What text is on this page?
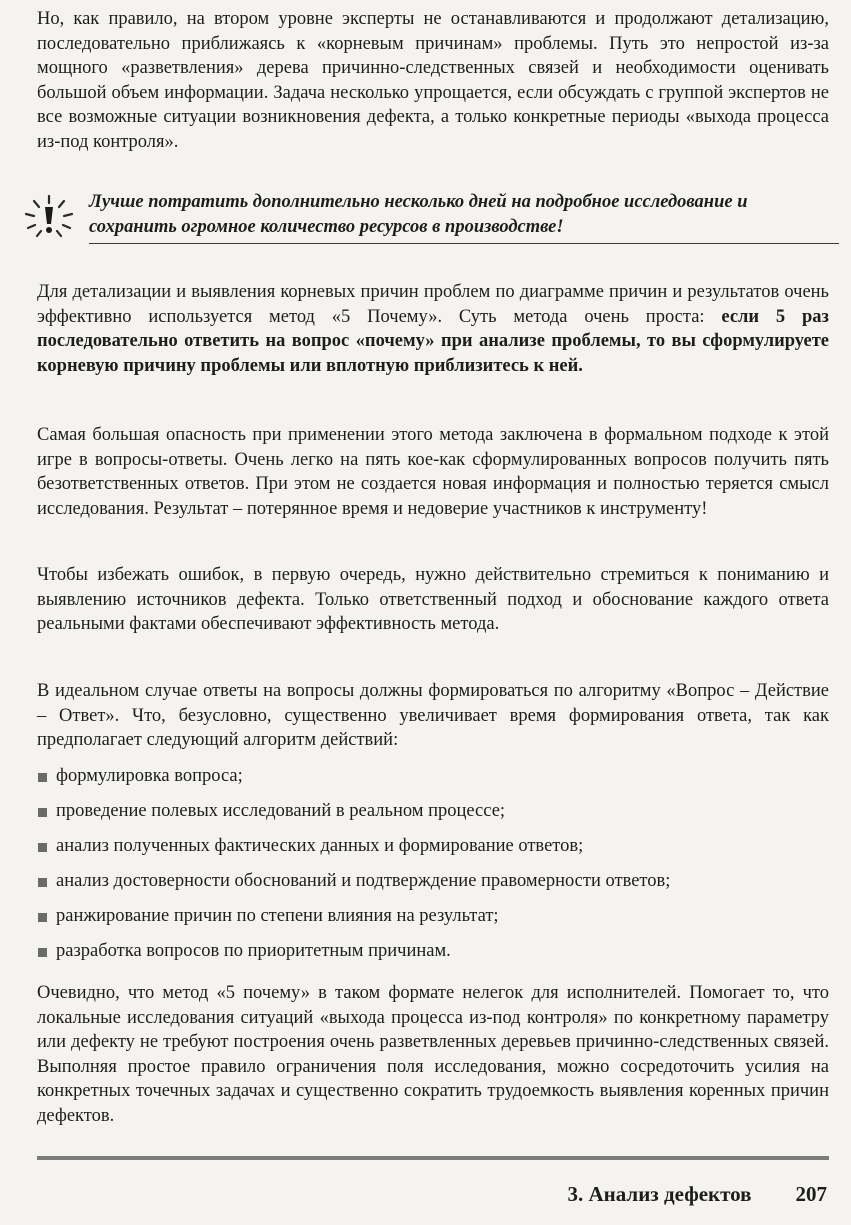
Но, как правило, на втором уровне эксперты не останавливаются и продолжают детализацию, последовательно приближаясь к «корневым причинам» проблемы. Путь это непростой из-за мощного «разветвления» дерева причинно-следственных связей и необходимости оценивать большой объем информации. Задача несколько упрощается, если обсуждать с группой экспертов не все возможные ситуации возникновения дефекта, а только конкретные периоды «выхода процесса из-под контроля».

Лучше потратить дополнительно несколько дней на подробное исследование и сохранить огромное количество ресурсов в производстве!

Для детализации и выявления корневых причин проблем по диаграмме причин и результатов очень эффективно используется метод «5 Почему». Суть метода очень проста: если 5 раз последовательно ответить на вопрос «почему» при анализе проблемы, то вы сформулируете корневую причину проблемы или вплотную приблизитесь к ней.

Самая большая опасность при применении этого метода заключена в формальном подходе к этой игре в вопросы-ответы. Очень легко на пять кое-как сформулированных вопросов получить пять безответственных ответов. При этом не создается новая информация и полностью теряется смысл исследования. Результат – потерянное время и недоверие участников к инструменту!

Чтобы избежать ошибок, в первую очередь, нужно действительно стремиться к пониманию и выявлению источников дефекта. Только ответственный подход и обоснование каждого ответа реальными фактами обеспечивают эффективность метода.

В идеальном случае ответы на вопросы должны формироваться по алгоритму «Вопрос – Действие – Ответ». Что, безусловно, существенно увеличивает время формирования ответа, так как предполагает следующий алгоритм действий:

формулировка вопроса;
проведение полевых исследований в реальном процессе;
анализ полученных фактических данных и формирование ответов;
анализ достоверности обоснований и подтверждение правомерности ответов;
ранжирование причин по степени влияния на результат;
разработка вопросов по приоритетным причинам.

Очевидно, что метод «5 почему» в таком формате нелегок для исполнителей. Помогает то, что локальные исследования ситуаций «выхода процесса из-под контроля» по конкретному параметру или дефекту не требуют построения очень разветвленных деревьев причинно-следственных связей. Выполняя простое правило ограничения поля исследования, можно сосредоточить усилия на конкретных точечных задачах и существенно сократить трудоемкость выявления коренных причин дефектов.

3. Анализ дефектов 207
